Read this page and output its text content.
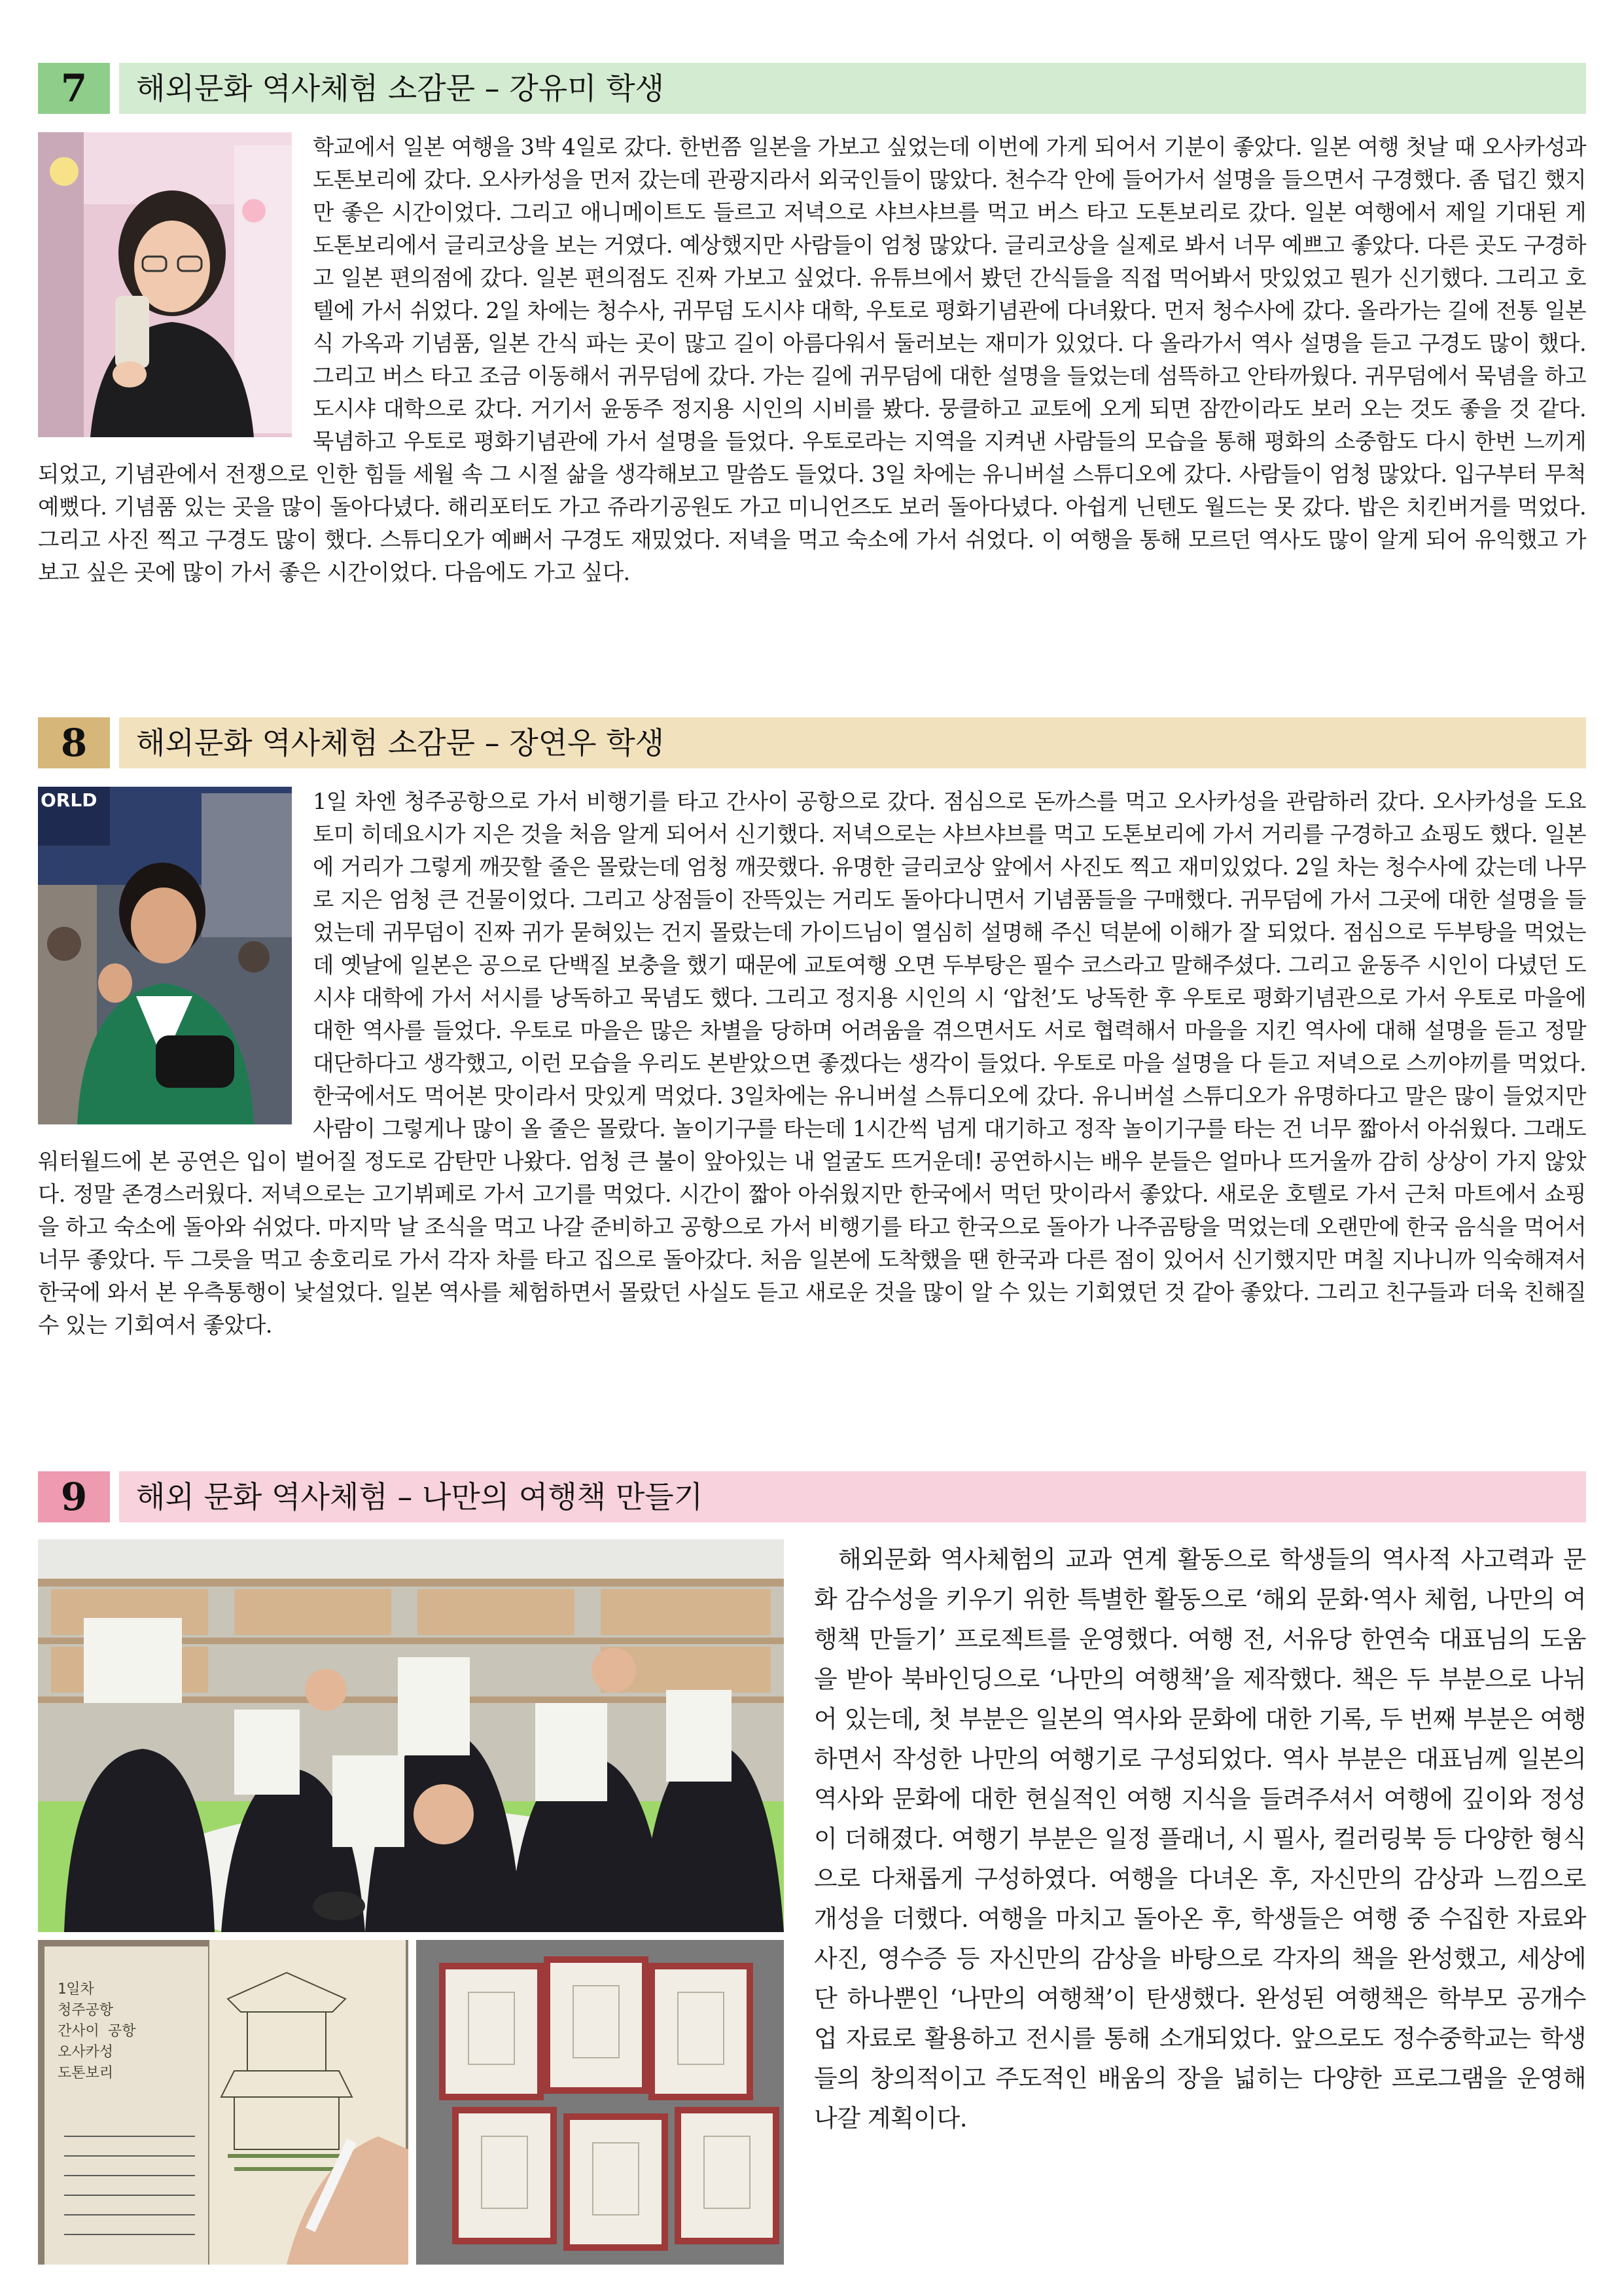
7	해외문화 역사체험 소감문 – 강유미 학생
학교에서 일본 여행을 3박 4일로 갔다. 한번쯤 일본을 가보고 싶었는데 이번에 가게 되어서 기분이 좋았다. 일본 여행 첫날 때 오사카성과 도톤보리에 갔다. 오사카성을 먼저 갔는데 관광지라서 외국인들이 많았다. 천수각 안에 들어가서 설명을 들으면서 구경했다. 좀 덥긴 했지만 좋은 시간이었다. 그리고 애니메이트도 들르고 저녁으로 샤브샤브를 먹고 버스 타고 도톤보리로 갔다. 일본 여행에서 제일 기대된 게 도톤보리에서 글리코상을 보는 거였다. 예상했지만 사람들이 엄청 많았다. 글리코상을 실제로 봐서 너무 예쁘고 좋았다. 다른 곳도 구경하고 일본 편의점에 갔다. 일본 편의점도 진짜 가보고 싶었다. 유튜브에서 봤던 간식들을 직접 먹어봐서 맛있었고 뭔가 신기했다. 그리고 호텔에 가서 쉬었다. 2일 차에는 청수사, 귀무덤 도시샤 대학, 우토로 평화기념관에 다녀왔다. 먼저 청수사에 갔다. 올라가는 길에 전통 일본식 가옥과 기념품, 일본 간식 파는 곳이 많고 길이 아름다워서 둘러보는 재미가 있었다. 다 올라가서 역사 설명을 듣고 구경도 많이 했다. 그리고 버스 타고 조금 이동해서 귀무덤에 갔다. 가는 길에 귀무덤에 대한 설명을 들었는데 섬뜩하고 안타까웠다. 귀무덤에서 묵념을 하고 도시샤 대학으로 갔다. 거기서 윤동주 정지용 시인의 시비를 봤다. 뭉클하고 교토에 오게 되면 잠깐이라도 보러 오는 것도 좋을 것 같다. 묵념하고 우토로 평화기념관에 가서 설명을 들었다. 우토로라는 지역을 지켜낸 사람들의 모습을 통해 평화의 소중함도 다시 한번 느끼게 되었고, 기념관에서 전쟁으로 인한 힘들 세월 속 그 시절 삶을 생각해보고 말씀도 들었다. 3일 차에는 유니버설 스튜디오에 갔다. 사람들이 엄청 많았다. 입구부터 무척 예뻤다. 기념품 있는 곳을 많이 돌아다녔다. 해리포터도 가고 쥬라기공원도 가고 미니언즈도 보러 돌아다녔다. 아쉽게 닌텐도 월드는 못 갔다. 밥은 치킨버거를 먹었다. 그리고 사진 찍고 구경도 많이 했다. 스튜디오가 예뻐서 구경도 재밌었다. 저녁을 먹고 숙소에 가서 쉬었다. 이 여행을 통해 모르던 역사도 많이 알게 되어 유익했고 가보고 싶은 곳에 많이 가서 좋은 시간이었다. 다음에도 가고 싶다.
8	해외문화 역사체험 소감문 – 장연우 학생
1일 차엔 청주공항으로 가서 비행기를 타고 간사이 공항으로 갔다. 점심으로 돈까스를 먹고 오사카성을 관람하러 갔다. 오사카성을 도요토미 히데요시가 지은 것을 처음 알게 되어서 신기했다. 저녁으로는 샤브샤브를 먹고 도톤보리에 가서 거리를 구경하고 쇼핑도 했다. 일본에 거리가 그렇게 깨끗할 줄은 몰랐는데 엄청 깨끗했다. 유명한 글리코상 앞에서 사진도 찍고 재미있었다. 2일 차는 청수사에 갔는데 나무로 지은 엄청 큰 건물이었다. 그리고 상점들이 잔뜩있는 거리도 돌아다니면서 기념품들을 구매했다. 귀무덤에 가서 그곳에 대한 설명을 들었는데 귀무덤이 진짜 귀가 묻혀있는 건지 몰랐는데 가이드님이 열심히 설명해 주신 덕분에 이해가 잘 되었다. 점심으로 두부탕을 먹었는데 옛날에 일본은 공으로 단백질 보충을 했기 때문에 교토여행 오면 두부탕은 필수 코스라고 말해주셨다. 그리고 윤동주 시인이 다녔던 도시샤 대학에 가서 서시를 낭독하고 묵념도 했다. 그리고 정지용 시인의 시 ‘압천’도 낭독한 후 우토로 평화기념관으로 가서 우토로 마을에 대한 역사를 들었다. 우토로 마을은 많은 차별을 당하며 어려움을 겪으면서도 서로 협력해서 마을을 지킨 역사에 대해 설명을 듣고 정말 대단하다고 생각했고, 이런 모습을 우리도 본받았으면 좋겠다는 생각이 들었다. 우토로 마을 설명을 다 듣고 저녁으로 스끼야끼를 먹었다. 한국에서도 먹어본 맛이라서 맛있게 먹었다. 3일차에는 유니버설 스튜디오에 갔다. 유니버설 스튜디오가 유명하다고 말은 많이 들었지만 사람이 그렇게나 많이 올 줄은 몰랐다. 놀이기구를 타는데 1시간씩 넘게 대기하고 정작 놀이기구를 타는 건 너무 짧아서 아쉬웠다. 그래도 워터월드에 본 공연은 입이 벌어질 정도로 감탄만 나왔다. 엄청 큰 불이 앞아있는 내 얼굴도 뜨거운데! 공연하시는 배우 분들은 얼마나 뜨거울까 감히 상상이 가지 않았다. 정말 존경스러웠다. 저녁으로는 고기뷔페로 가서 고기를 먹었다. 시간이 짧아 아쉬웠지만 한국에서 먹던 맛이라서 좋았다. 새로운 호텔로 가서 근처 마트에서 쇼핑을 하고 숙소에 돌아와 쉬었다. 마지막 날 조식을 먹고 나갈 준비하고 공항으로 가서 비행기를 타고 한국으로 돌아가 나주곰탕을 먹었는데 오랜만에 한국 음식을 먹어서 너무 좋았다. 두 그릇을 먹고 송호리로 가서 각자 차를 타고 집으로 돌아갔다. 처음 일본에 도착했을 땐 한국과 다른 점이 있어서 신기했지만 며칠 지나니까 익숙해져서 한국에 와서 본 우측통행이 낯설었다. 일본 역사를 체험하면서 몰랐던 사실도 듣고 새로운 것을 많이 알 수 있는 기회였던 것 같아 좋았다. 그리고 친구들과 더욱 친해질 수 있는 기회여서 좋았다.
ORLD
9	해외 문화 역사체험 – 나만의 여행책 만들기
1일차
청주공항
간사이 공항
오사카성
도톤보리
해외문화 역사체험의 교과 연계 활동으로 학생들의 역사적 사고력과 문화 감수성을 키우기 위한 특별한 활동으로 ‘해외 문화·역사 체험, 나만의 여행책 만들기’ 프로젝트를 운영했다. 여행 전, 서유당 한연숙 대표님의 도움을 받아 북바인딩으로 ‘나만의 여행책’을 제작했다. 책은 두 부분으로 나뉘어 있는데, 첫 부분은 일본의 역사와 문화에 대한 기록, 두 번째 부분은 여행하면서 작성한 나만의 여행기로 구성되었다. 역사 부분은 대표님께 일본의 역사와 문화에 대한 현실적인 여행 지식을 들려주셔서 여행에 깊이와 정성이 더해졌다. 여행기 부분은 일정 플래너, 시 필사, 컬러링북 등 다양한 형식으로 다채롭게 구성하였다. 여행을 다녀온 후, 자신만의 감상과 느낌으로 개성을 더했다. 여행을 마치고 돌아온 후, 학생들은 여행 중 수집한 자료와 사진, 영수증 등 자신만의 감상을 바탕으로 각자의 책을 완성했고, 세상에 단 하나뿐인 ‘나만의 여행책’이 탄생했다. 완성된 여행책은 학부모 공개수업 자료로 활용하고 전시를 통해 소개되었다. 앞으로도 정수중학교는 학생들의 창의적이고 주도적인 배움의 장을 넓히는 다양한 프로그램을 운영해 나갈 계획이다.
